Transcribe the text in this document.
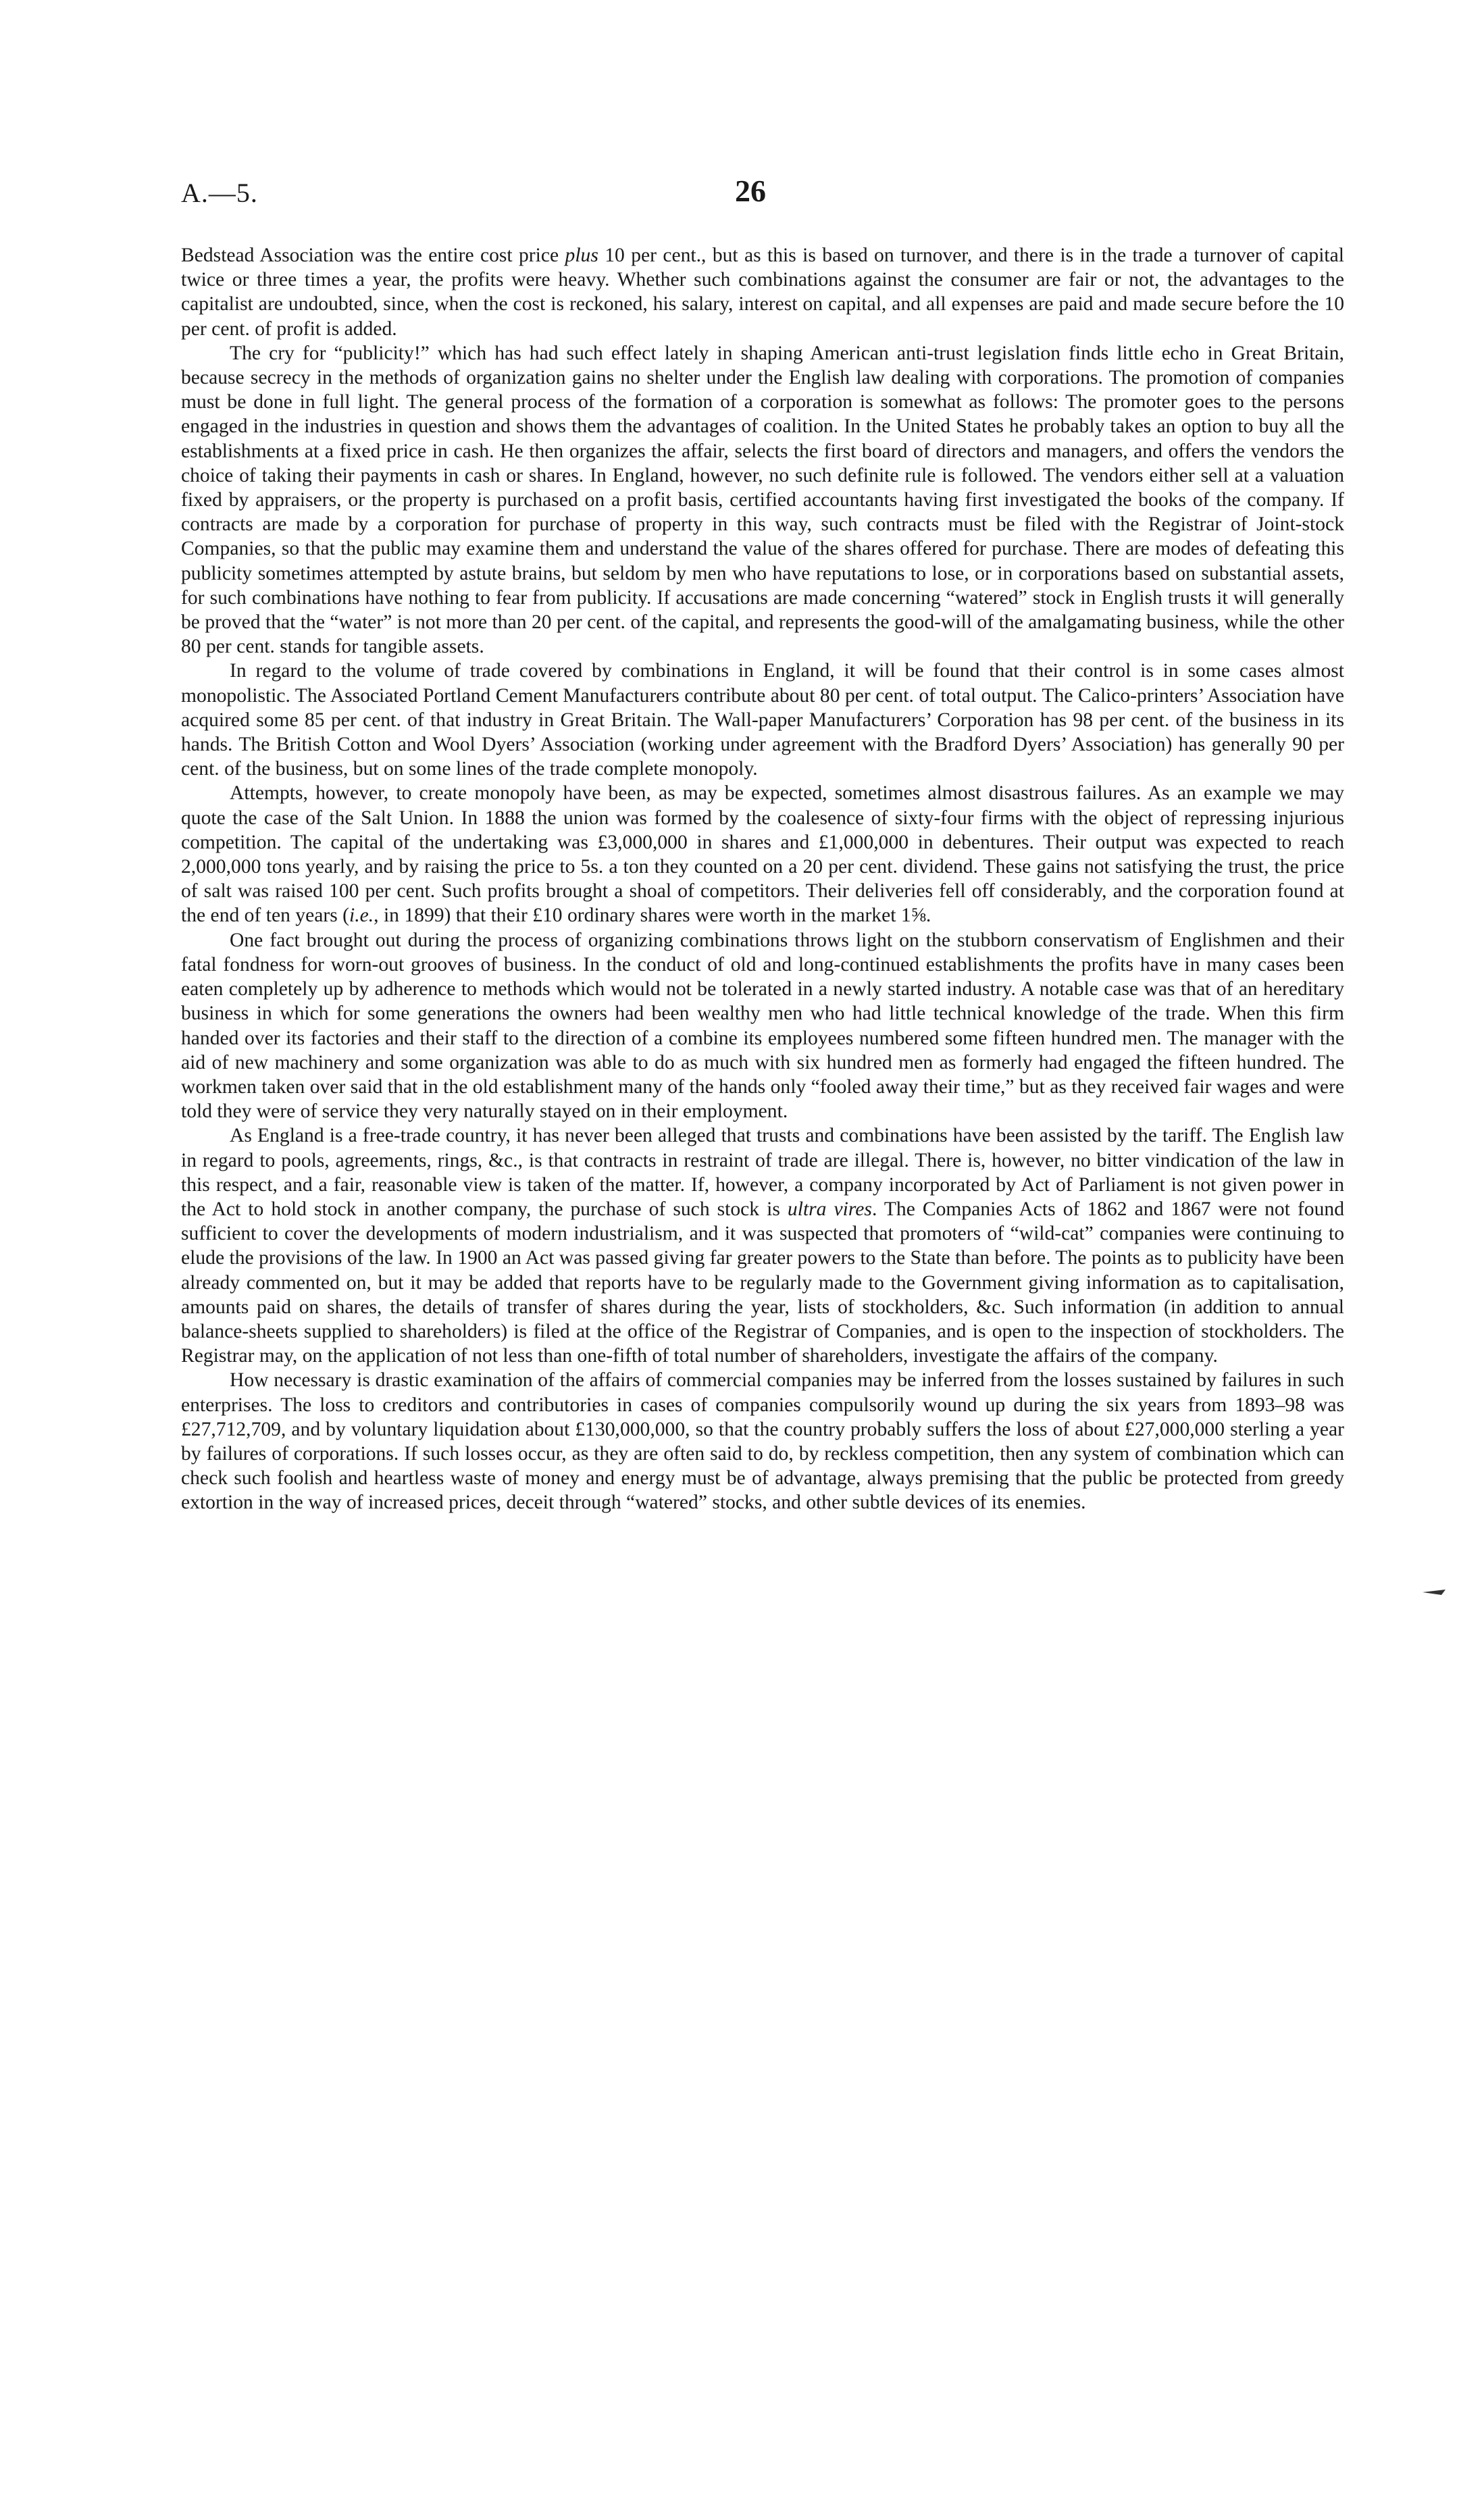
A.—5.	26

Bedstead Association was the entire cost price plus 10 per cent., but as this is based on turnover, and there is in the trade a turnover of capital twice or three times a year, the profits were heavy. Whether such combinations against the consumer are fair or not, the advantages to the capitalist are undoubted, since, when the cost is reckoned, his salary, interest on capital, and all expenses are paid and made secure before the 10 per cent. of profit is added.

The cry for “publicity!” which has had such effect lately in shaping American anti-trust legislation finds little echo in Great Britain, because secrecy in the methods of organization gains no shelter under the English law dealing with corporations. The promotion of companies must be done in full light. The general process of the formation of a corporation is somewhat as follows: The promoter goes to the persons engaged in the industries in question and shows them the advantages of coalition. In the United States he probably takes an option to buy all the establishments at a fixed price in cash. He then organizes the affair, selects the first board of directors and managers, and offers the vendors the choice of taking their payments in cash or shares. In England, however, no such definite rule is followed. The vendors either sell at a valuation fixed by appraisers, or the property is purchased on a profit basis, certified accountants having first investigated the books of the company. If contracts are made by a corporation for purchase of property in this way, such contracts must be filed with the Registrar of Joint-stock Companies, so that the public may examine them and understand the value of the shares offered for purchase. There are modes of defeating this publicity sometimes attempted by astute brains, but seldom by men who have reputations to lose, or in corporations based on substantial assets, for such combinations have nothing to fear from publicity. If accusations are made concerning “watered” stock in English trusts it will generally be proved that the “water” is not more than 20 per cent. of the capital, and represents the good-will of the amalgamating business, while the other 80 per cent. stands for tangible assets.

In regard to the volume of trade covered by combinations in England, it will be found that their control is in some cases almost monopolistic. The Associated Portland Cement Manufacturers contribute about 80 per cent. of total output. The Calico-printers’ Association have acquired some 85 per cent. of that industry in Great Britain. The Wall-paper Manufacturers’ Corporation has 98 per cent. of the business in its hands. The British Cotton and Wool Dyers’ Association (working under agreement with the Bradford Dyers’ Association) has generally 90 per cent. of the business, but on some lines of the trade complete monopoly.

Attempts, however, to create monopoly have been, as may be expected, sometimes almost disastrous failures. As an example we may quote the case of the Salt Union. In 1888 the union was formed by the coalesence of sixty-four firms with the object of repressing injurious competition. The capital of the undertaking was £3,000,000 in shares and £1,000,000 in debentures. Their output was expected to reach 2,000,000 tons yearly, and by raising the price to 5s. a ton they counted on a 20 per cent. dividend. These gains not satisfying the trust, the price of salt was raised 100 per cent. Such profits brought a shoal of competitors. Their deliveries fell off considerably, and the corporation found at the end of ten years (i.e., in 1899) that their £10 ordinary shares were worth in the market 1⅝.

One fact brought out during the process of organizing combinations throws light on the stubborn conservatism of Englishmen and their fatal fondness for worn-out grooves of business. In the conduct of old and long-continued establishments the profits have in many cases been eaten completely up by adherence to methods which would not be tolerated in a newly started industry. A notable case was that of an hereditary business in which for some generations the owners had been wealthy men who had little technical knowledge of the trade. When this firm handed over its factories and their staff to the direction of a combine its employees numbered some fifteen hundred men. The manager with the aid of new machinery and some organization was able to do as much with six hundred men as formerly had engaged the fifteen hundred. The workmen taken over said that in the old establishment many of the hands only “fooled away their time,” but as they received fair wages and were told they were of service they very naturally stayed on in their employment.

As England is a free-trade country, it has never been alleged that trusts and combinations have been assisted by the tariff. The English law in regard to pools, agreements, rings, &c., is that contracts in restraint of trade are illegal. There is, however, no bitter vindication of the law in this respect, and a fair, reasonable view is taken of the matter. If, however, a company incorporated by Act of Parliament is not given power in the Act to hold stock in another company, the purchase of such stock is ultra vires. The Companies Acts of 1862 and 1867 were not found sufficient to cover the developments of modern industrialism, and it was suspected that promoters of “wild-cat” companies were continuing to elude the provisions of the law. In 1900 an Act was passed giving far greater powers to the State than before. The points as to publicity have been already commented on, but it may be added that reports have to be regularly made to the Government giving information as to capitalisation, amounts paid on shares, the details of transfer of shares during the year, lists of stockholders, &c. Such information (in addition to annual balance-sheets supplied to shareholders) is filed at the office of the Registrar of Companies, and is open to the inspection of stockholders. The Registrar may, on the application of not less than one-fifth of total number of shareholders, investigate the affairs of the company.

How necessary is drastic examination of the affairs of commercial companies may be inferred from the losses sustained by failures in such enterprises. The loss to creditors and contributories in cases of companies compulsorily wound up during the six years from 1893–98 was £27,712,709, and by voluntary liquidation about £130,000,000, so that the country probably suffers the loss of about £27,000,000 sterling a year by failures of corporations. If such losses occur, as they are often said to do, by reckless competition, then any system of combination which can check such foolish and heartless waste of money and energy must be of advantage, always premising that the public be protected from greedy extortion in the way of increased prices, deceit through “watered” stocks, and other subtle devices of its enemies.
